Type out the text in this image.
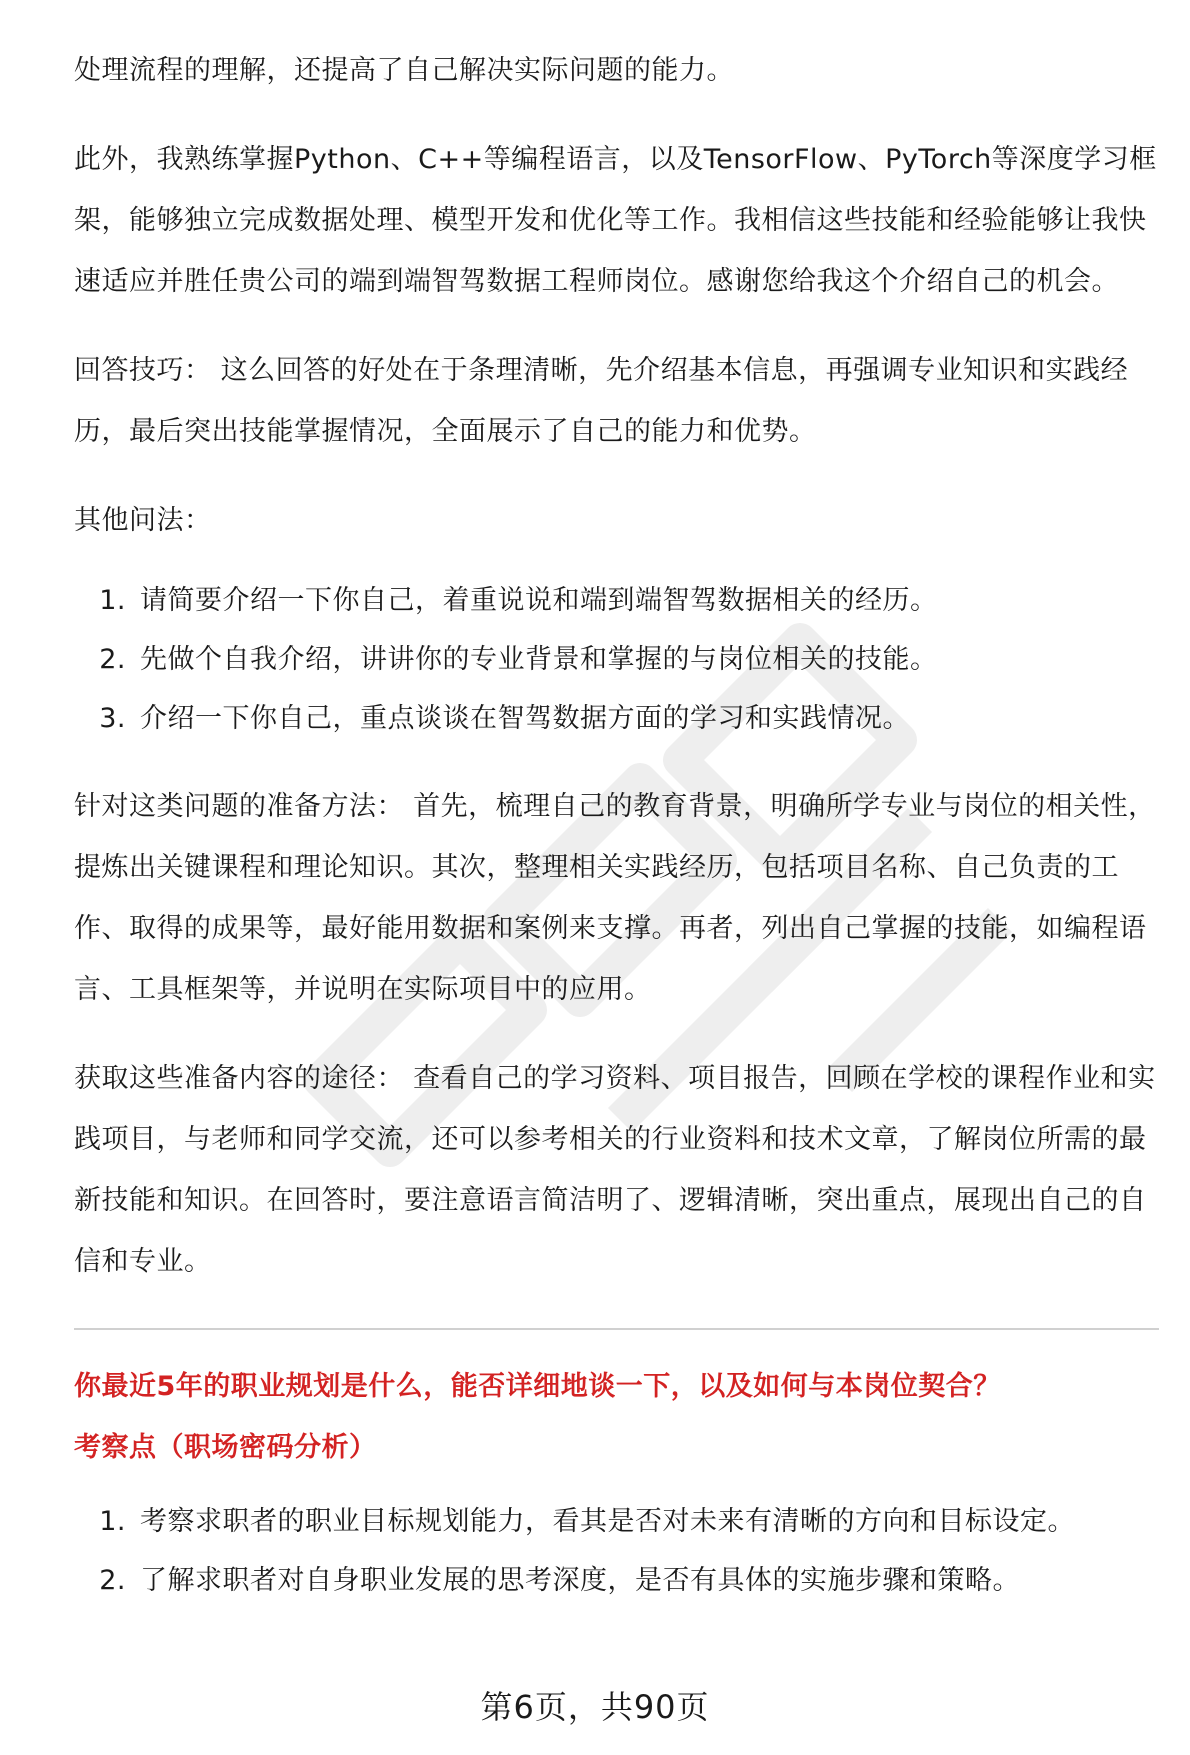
处理流程的理解，还提高了自己解决实际问题的能力。

此外，我熟练掌握Python、C++等编程语言，以及TensorFlow、PyTorch等深度学习框架，能够独立完成数据处理、模型开发和优化等工作。我相信这些技能和经验能够让我快速适应并胜任贵公司的端到端智驾数据工程师岗位。感谢您给我这个介绍自己的机会。

回答技巧： 这么回答的好处在于条理清晰，先介绍基本信息，再强调专业知识和实践经历，最后突出技能掌握情况，全面展示了自己的能力和优势。

其他问法：

1. 请简要介绍一下你自己，着重说说和端到端智驾数据相关的经历。
2. 先做个自我介绍，讲讲你的专业背景和掌握的与岗位相关的技能。
3. 介绍一下你自己，重点谈谈在智驾数据方面的学习和实践情况。

针对这类问题的准备方法： 首先，梳理自己的教育背景，明确所学专业与岗位的相关性，提炼出关键课程和理论知识。其次，整理相关实践经历，包括项目名称、自己负责的工作、取得的成果等，最好能用数据和案例来支撑。再者，列出自己掌握的技能，如编程语言、工具框架等，并说明在实际项目中的应用。

获取这些准备内容的途径： 查看自己的学习资料、项目报告，回顾在学校的课程作业和实践项目，与老师和同学交流，还可以参考相关的行业资料和技术文章，了解岗位所需的最新技能和知识。在回答时，要注意语言简洁明了、逻辑清晰，突出重点，展现出自己的自信和专业。

你最近5年的职业规划是什么，能否详细地谈一下，以及如何与本岗位契合？

考察点（职场密码分析）

1. 考察求职者的职业目标规划能力，看其是否对未来有清晰的方向和目标设定。
2. 了解求职者对自身职业发展的思考深度，是否有具体的实施步骤和策略。
第6页，共90页
